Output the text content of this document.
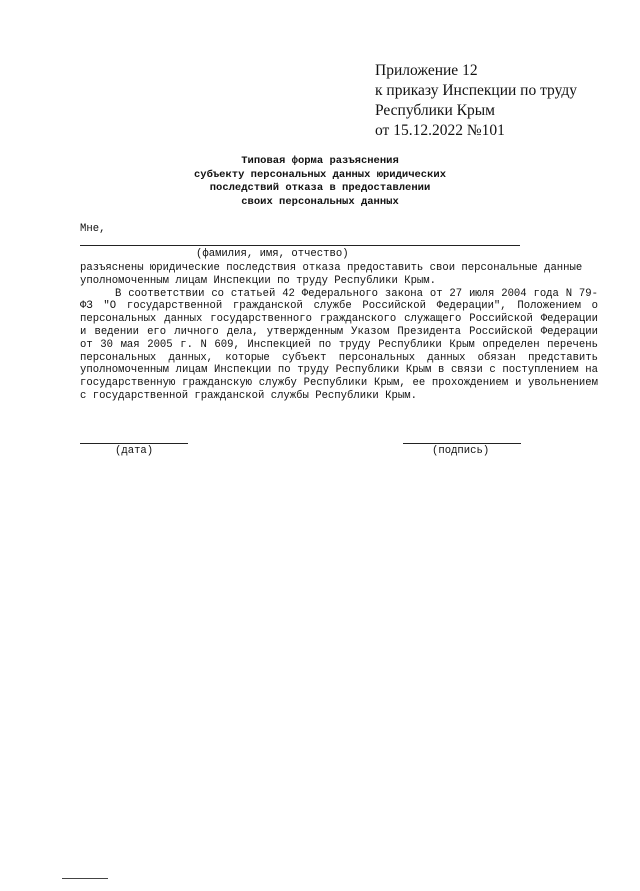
Приложение 12
к приказу Инспекции по труду
Республики Крым
от 15.12.2022 №101
Типовая форма разъяснения
субъекту персональных данных юридических
последствий отказа в предоставлении
своих персональных данных
Мне,
(фамилия, имя, отчество)

разъяснены юридические последствия отказа предоставить свои персональные данные уполномоченным лицам Инспекции по труду Республики Крым.

В соответствии со статьей 42 Федерального закона от 27 июля 2004 года N 79-ФЗ "О государственной гражданской службе Российской Федерации", Положением о персональных данных государственного гражданского служащего Российской Федерации и ведении его личного дела, утвержденным Указом Президента Российской Федерации от 30 мая 2005 г. N 609, Инспекцией по труду Республики Крым определен перечень персональных данных, которые субъект персональных данных обязан представить уполномоченным лицам Инспекции по труду Республики Крым в связи с поступлением на государственную гражданскую службу Республики Крым, ее прохождением и увольнением с государственной гражданской службы Республики Крым.

(дата)	(подпись)
